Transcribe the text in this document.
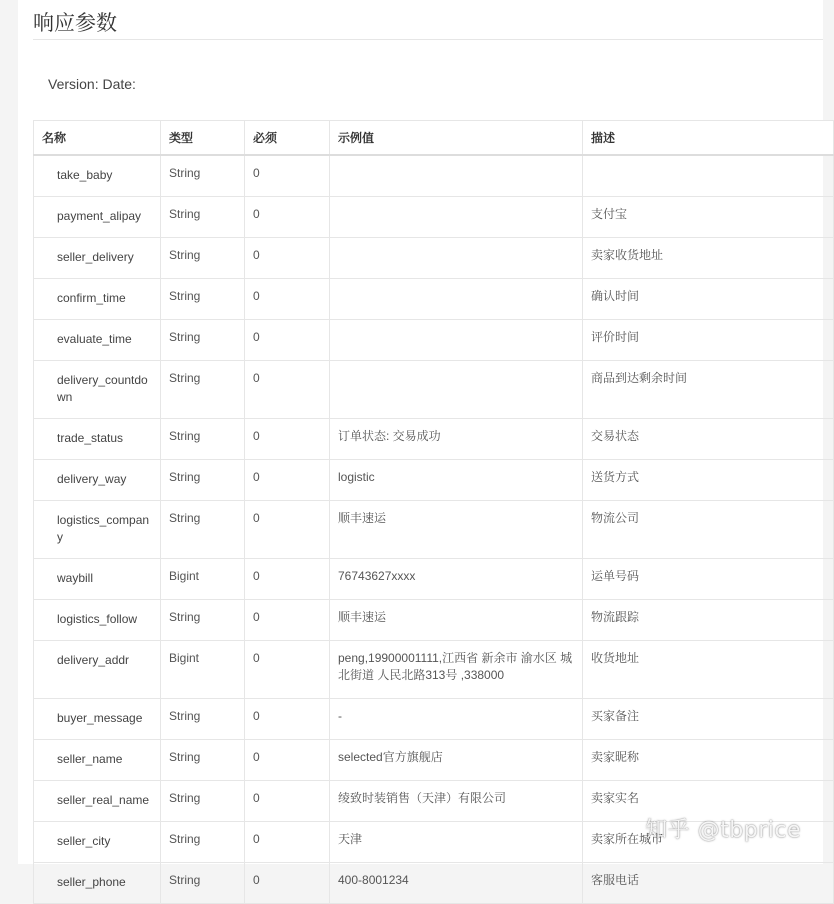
响应参数
Version: Date:
名称	类型	必须	示例值	描述
take_baby	String	0		
payment_alipay	String	0		支付宝
seller_delivery	String	0		卖家收货地址
confirm_time	String	0		确认时间
evaluate_time	String	0		评价时间
delivery_countdown	String	0		商品到达剩余时间
trade_status	String	0	订单状态: 交易成功	交易状态
delivery_way	String	0	logistic	送货方式
logistics_company	String	0	顺丰速运	物流公司
waybill	Bigint	0	76743627xxxx	运单号码
logistics_follow	String	0	顺丰速运	物流跟踪
delivery_addr	Bigint	0	peng,19900001111,江西省 新余市 渝水区 城北街道 人民北路313号 ,338000	收货地址
buyer_message	String	0	-	买家备注
seller_name	String	0	selected官方旗舰店	卖家昵称
seller_real_name	String	0	绫致时装销售（天津）有限公司	卖家实名
seller_city	String	0	天津	卖家所在城市
seller_phone	String	0	400-8001234	客服电话
知乎 @tbprice
